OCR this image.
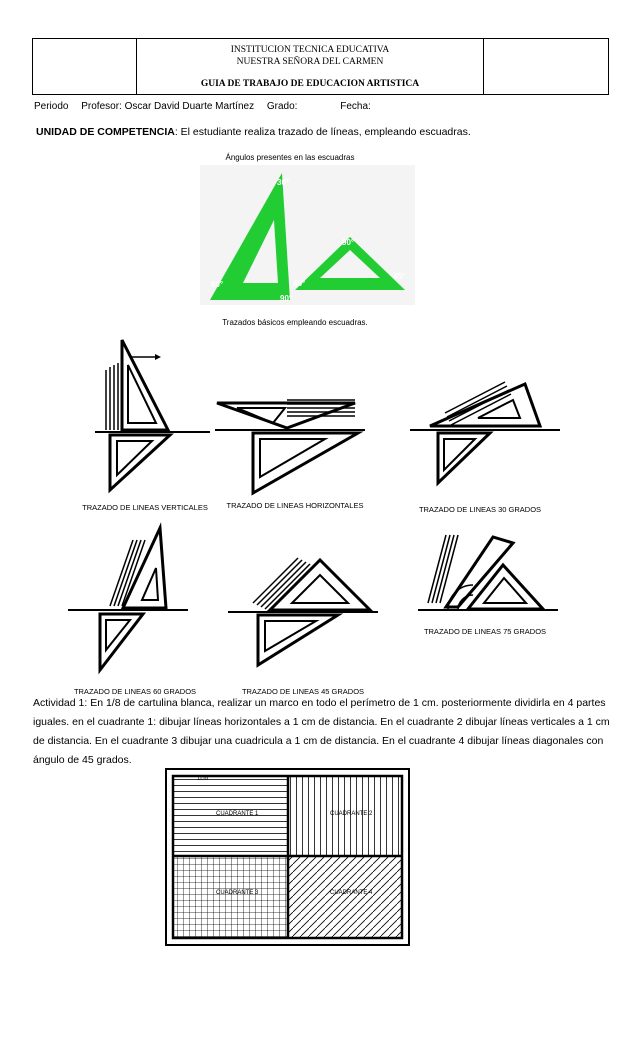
INSTITUCION TECNICA EDUCATIVA
NUESTRA SEÑORA DEL CARMEN
GUIA DE TRABAJO DE EDUCACION ARTISTICA
Periodo Profesor: Oscar David Duarte Martínez Grado:	Fecha:
UNIDAD DE COMPETENCIA: El estudiante realiza trazado de líneas, empleando escuadras.
Ángulos presentes en las escuadras
30°
60°
90°
90°
45°
45°
Trazados básicos empleando escuadras.
TRAZADO DE LINEAS VERTICALES	TRAZADO DE LINEAS HORIZONTALES	TRAZADO DE LINEAS 30 GRADOS
TRAZADO DE LINEAS 75 GRADOS
TRAZADO DE LINEAS 60 GRADOS	TRAZADO DE LINEAS 45 GRADOS

Actividad 1: En 1/8 de cartulina blanca, realizar un marco en todo el perímetro de 1 cm. posteriormente dividirla en 4 partes iguales. en el cuadrante 1: dibujar líneas horizontales a 1 cm de distancia. En el cuadrante 2 dibujar líneas verticales a 1 cm de distancia. En el cuadrante 3 dibujar una cuadricula a 1 cm de distancia. En el cuadrante 4 dibujar líneas diagonales con ángulo de 45 grados.

CUADRANTE 1	CUADRANTE 2
CUADRANTE 3	CUADRANTE 4
1cm
